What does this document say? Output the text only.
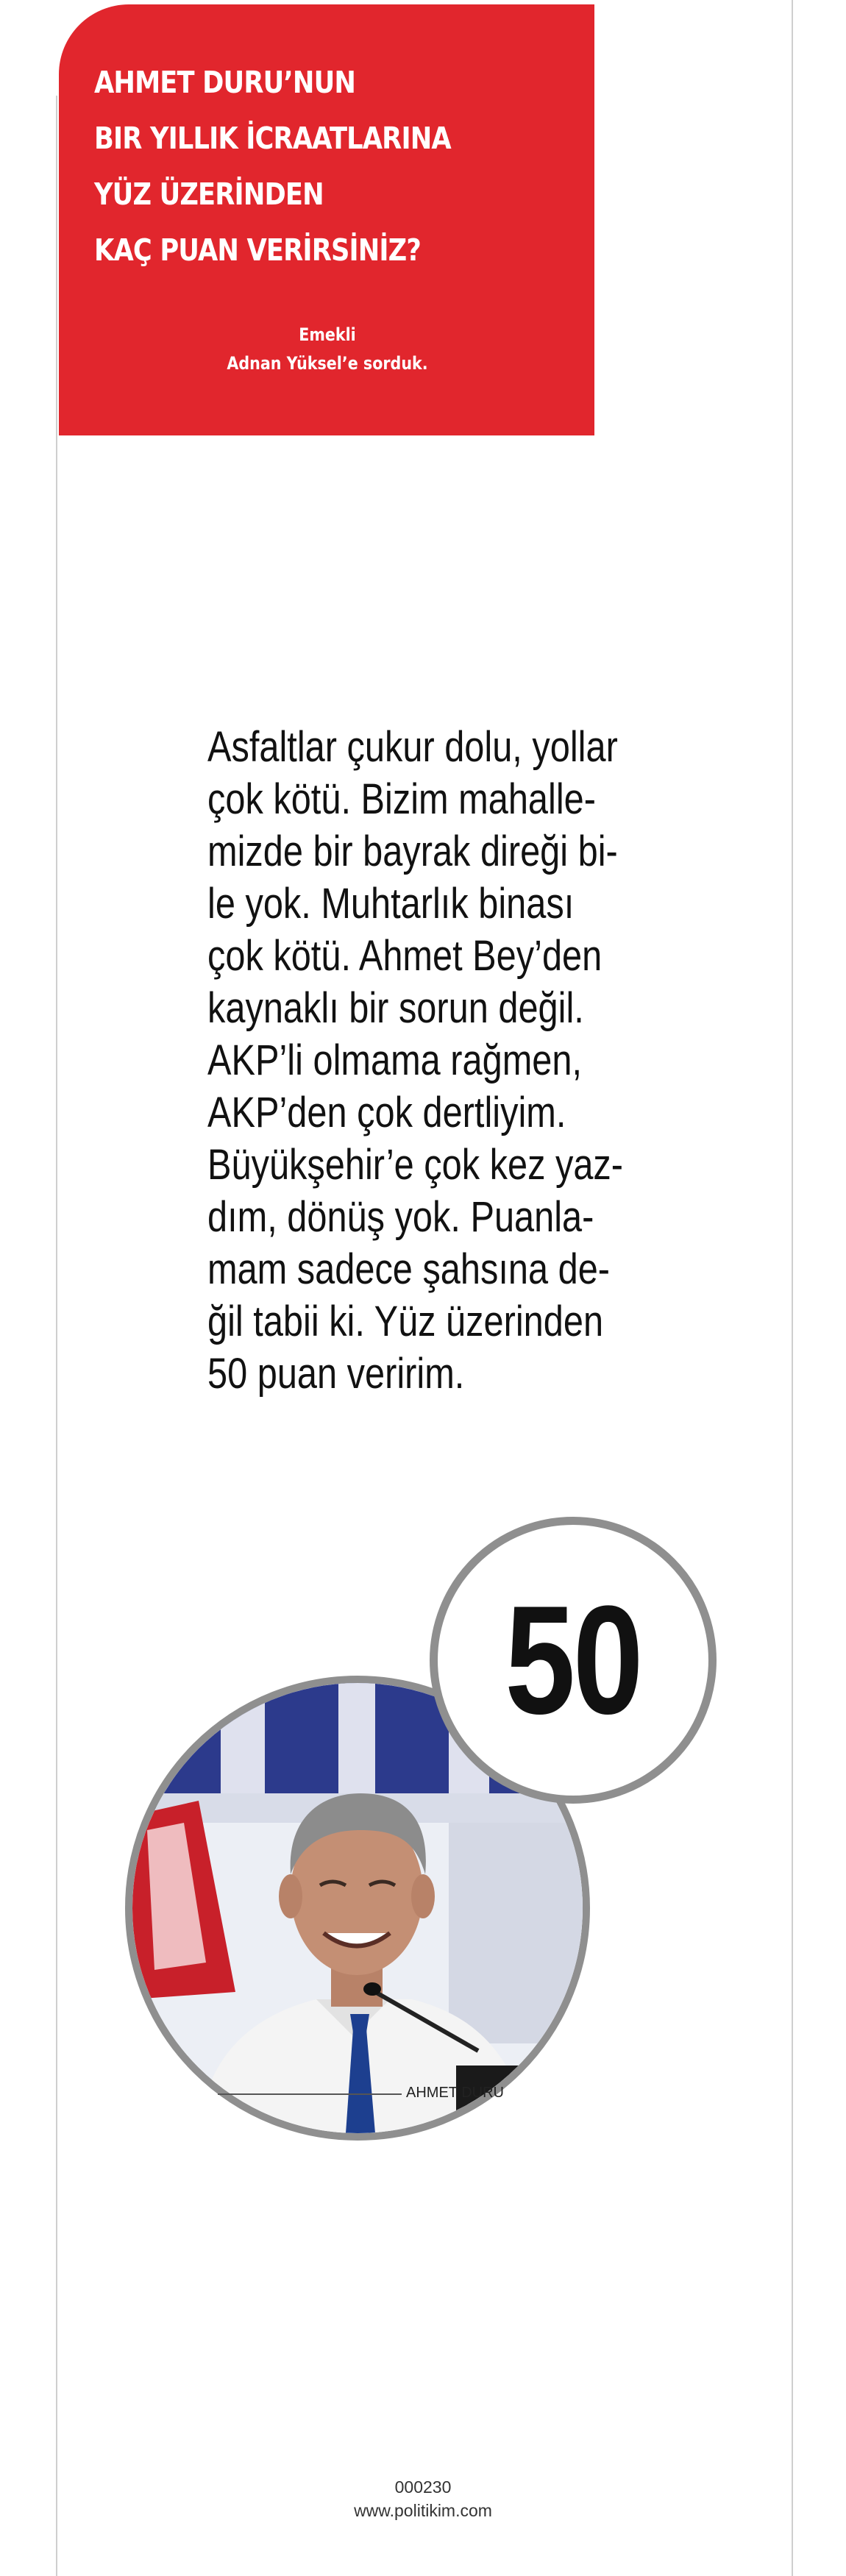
AHMET DURU’NUN
BIR YILLIK İCRAATLARINA
YÜZ ÜZERİNDEN
KAÇ PUAN VERİRSİNİZ?
Emekli
Adnan Yüksel’e sorduk.
Asfaltlar çukur dolu, yollar
çok kötü. Bizim mahalle-
mizde bir bayrak direği bi-
le yok. Muhtarlık binası
çok kötü. Ahmet Bey’den
kaynaklı bir sorun değil.
AKP’li olmama rağmen,
AKP’den çok dertliyim.
Büyükşehir’e çok kez yaz-
dım, dönüş yok. Puanla-
mam sadece şahsına de-
ğil tabii ki. Yüz üzerinden
50 puan veririm.
50
AHMET DURU
000230
www.politikim.com
